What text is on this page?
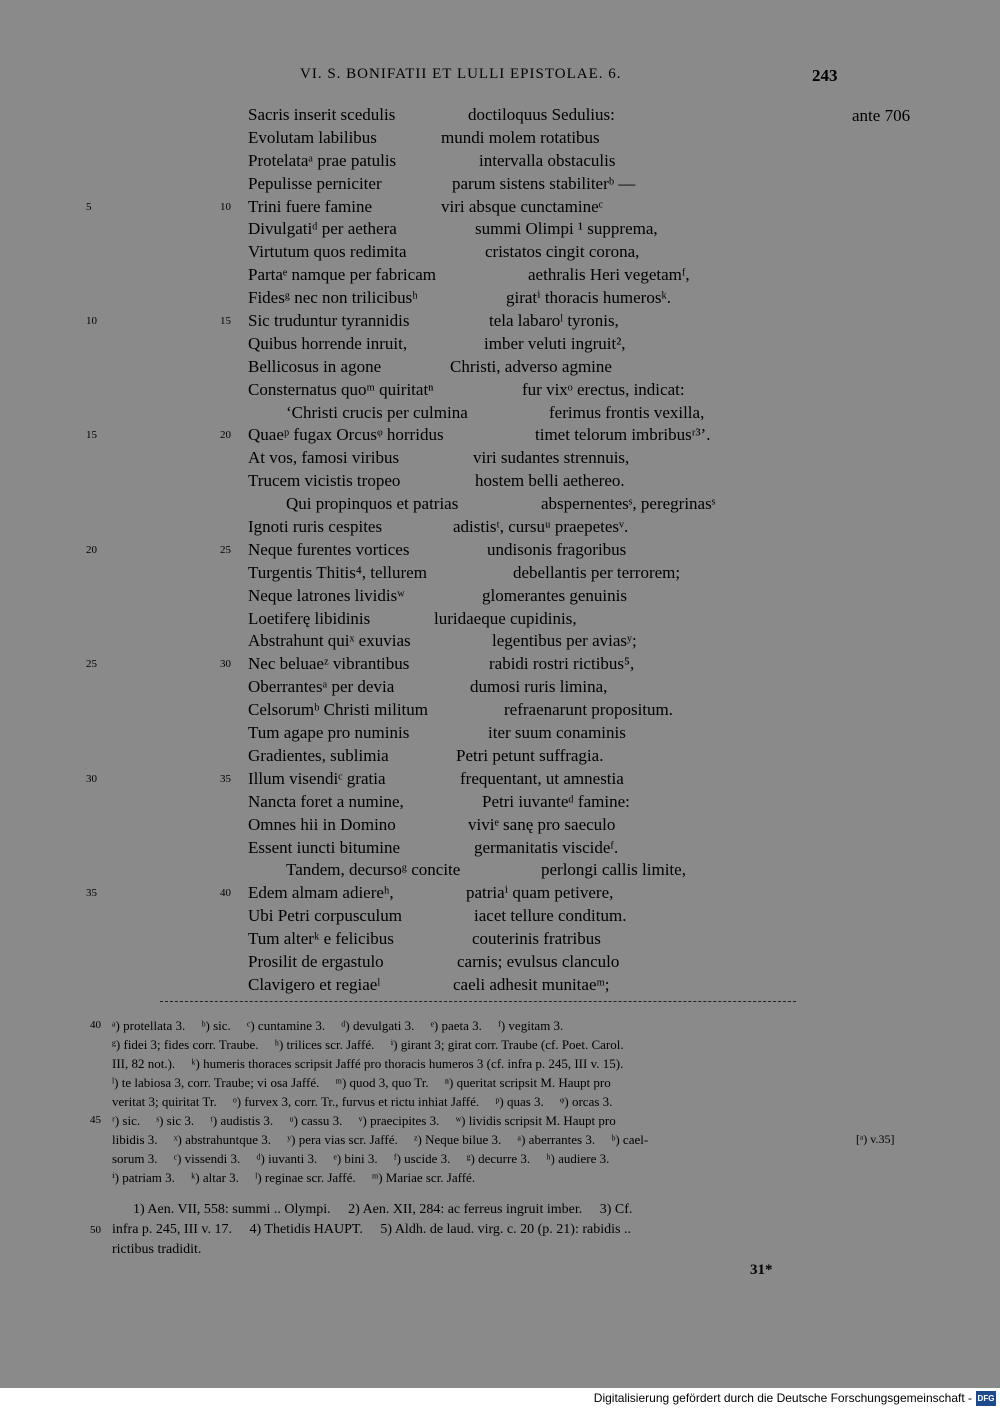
VI. S. BONIFATII ET LULLI EPISTOLAE. 6.	243
ante 706
Sacris inserit scedulis	doctiloquus Sedulius:
Evolutam labilibus	mundi molem rotatibus
Protelataᵃ prae patulis	intervalla obstaculis
Pepulisse perniciter	parum sistens stabiliterᵇ —
5	10 Trini fuere famine	viri absque cunctamineᶜ
Divulgatiᵈ per aethera	summi Olimpi ¹ supprema,
Virtutum quos redimita	cristatos cingit corona,
Partaᵉ namque per fabricam	aethralis Heri vegetamᶠ,
Fidesᵍ nec non trilicibusʰ	giratⁱ thoracis humerosᵏ.
10	15 Sic truduntur tyrannidis	tela labaroˡ tyronis,
Quibus horrende inruit,	imber veluti ingruit²,
Bellicosus in agone	Christi, adverso agmine
Consternatus quoᵐ quiritatⁿ	fur vixᵒ erectus, indicat:
‘Christi crucis per culmina	ferimus frontis vexilla,
15	20 Quaeᵖ fugax Orcusᵠ horridus	timet telorum imbribusʳ³’.
At vos, famosi viribus	viri sudantes strennuis,
Trucem vicistis tropeo	hostem belli aethereo.
Qui propinquos et patrias	abspernentesˢ, peregrinasˢ
Ignoti ruris cespites	adistisᵗ, cursuᵘ praepetesᵛ.
20	25 Neque furentes vortices	undisonis fragoribus
Turgentis Thitis⁴, tellurem	debellantis per terrorem;
Neque latrones lividisʷ	glomerantes genuinis
Loetiferę libidinis	luridaeque cupidinis,
Abstrahunt quiˣ exuvias	legentibus per aviasʸ;
25	30 Nec beluaeᶻ vibrantibus	rabidi rostri rictibus⁵,
Oberrantesᵃ per devia	dumosi ruris limina,
Celsorumᵇ Christi militum	refraenarunt propositum.
Tum agape pro numinis	iter suum conaminis
Gradientes, sublimia	Petri petunt suffragia.
30	35 Illum visendiᶜ gratia	frequentant, ut amnestia
Nancta foret a numine,	Petri iuvanteᵈ famine:
Omnes hii in Domino	viviᵉ sanę pro saeculo
Essent iuncti bitumine	germanitatis viscideᶠ.
Tandem, decursoᵍ concite	perlongi callis limite,
35	40 Edem almam adiereʰ,	patriaⁱ quam petivere,
Ubi Petri corpusculum	iacet tellure conditum.
Tum alterᵏ e felicibus	couterinis fratribus
Prosilit de ergastulo	carnis; evulsus clanculo
Clavigero et regiaeˡ	caeli adhesit munitaeᵐ;
40 ᵃ) protellata 3.     ᵇ) sic.     ᶜ) cuntamine 3.     ᵈ) devulgati 3.     ᵉ) paeta 3.     ᶠ) vegitam 3.
ᵍ) fidei 3; fides corr. Traube.     ʰ) trilices scr. Jaffé.     ⁱ) girant 3; girat corr. Traube (cf. Poet. Carol.
III, 82 not.).     ᵏ) humeris thoraces scripsit Jaffé pro thoracis humeros 3 (cf. infra p. 245, III v. 15).
ˡ) te labiosa 3, corr. Traube; vi osa Jaffé.     ᵐ) quod 3, quo Tr.     ⁿ) queritat scripsit M. Haupt pro
veritat 3; quiritat Tr.     ᵒ) furvex 3, corr. Tr., furvus et rictu inhiat Jaffé.     ᵖ) quas 3.     ᵠ) orcas 3.
45 ʳ) sic.     ˢ) sic 3.     ᵗ) audistis 3.     ᵘ) cassu 3.     ᵛ) praecipites 3.     ʷ) lividis scripsit M. Haupt pro
libidis 3.     ˣ) abstrahuntque 3.     ʸ) pera vias scr. Jaffé.     ᶻ) Neque bilue 3.     ᵃ) aberrantes 3.     ᵇ) cael-	[ᵃ) v.35]
sorum 3.     ᶜ) vissendi 3.     ᵈ) iuvanti 3.     ᵉ) bini 3.     ᶠ) uscide 3.     ᵍ) decurre 3.     ʰ) audiere 3.
ⁱ) patriam 3.     ᵏ) altar 3.     ˡ) reginae scr. Jaffé.     ᵐ) Mariae scr. Jaffé.
1) Aen. VII, 558: summi .. Olympi.     2) Aen. XII, 284: ac ferreus ingruit imber.     3) Cf.
50 infra p. 245, III v. 17.     4) Thetidis HAUPT.     5) Aldh. de laud. virg. c. 20 (p. 21): rabidis ..
rictibus tradidit.
31*
Digitalisierung gefördert durch die Deutsche Forschungsgemeinschaft - DFG
